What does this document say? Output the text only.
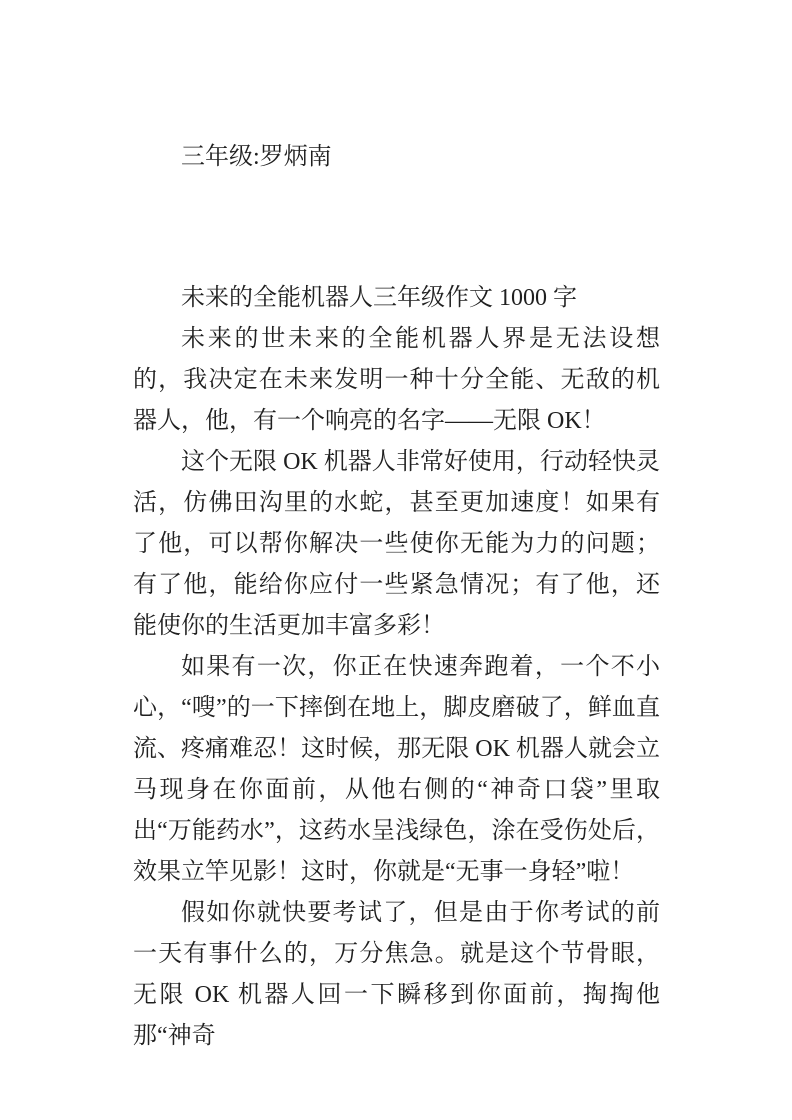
三年级:罗炳南

未来的全能机器人三年级作文 1000 字

未来的世未来的全能机器人界是无法设想的，我决定在未来发明一种十分全能、无敌的机器人，他，有一个响亮的名字——无限 OK！

这个无限 OK 机器人非常好使用，行动轻快灵活，仿佛田沟里的水蛇，甚至更加速度！如果有了他，可以帮你解决一些使你无能为力的问题；有了他，能给你应付一些紧急情况；有了他，还能使你的生活更加丰富多彩！

如果有一次，你正在快速奔跑着，一个不小心，“嗖”的一下摔倒在地上，脚皮磨破了，鲜血直流、疼痛难忍！这时候，那无限 OK 机器人就会立马现身在你面前，从他右侧的“神奇口袋”里取出“万能药水”，这药水呈浅绿色，涂在受伤处后，效果立竿见影！这时，你就是“无事一身轻”啦！

假如你就快要考试了，但是由于你考试的前一天有事什么的，万分焦急。就是这个节骨眼，无限 OK 机器人回一下瞬移到你面前，掏掏他那“神奇
